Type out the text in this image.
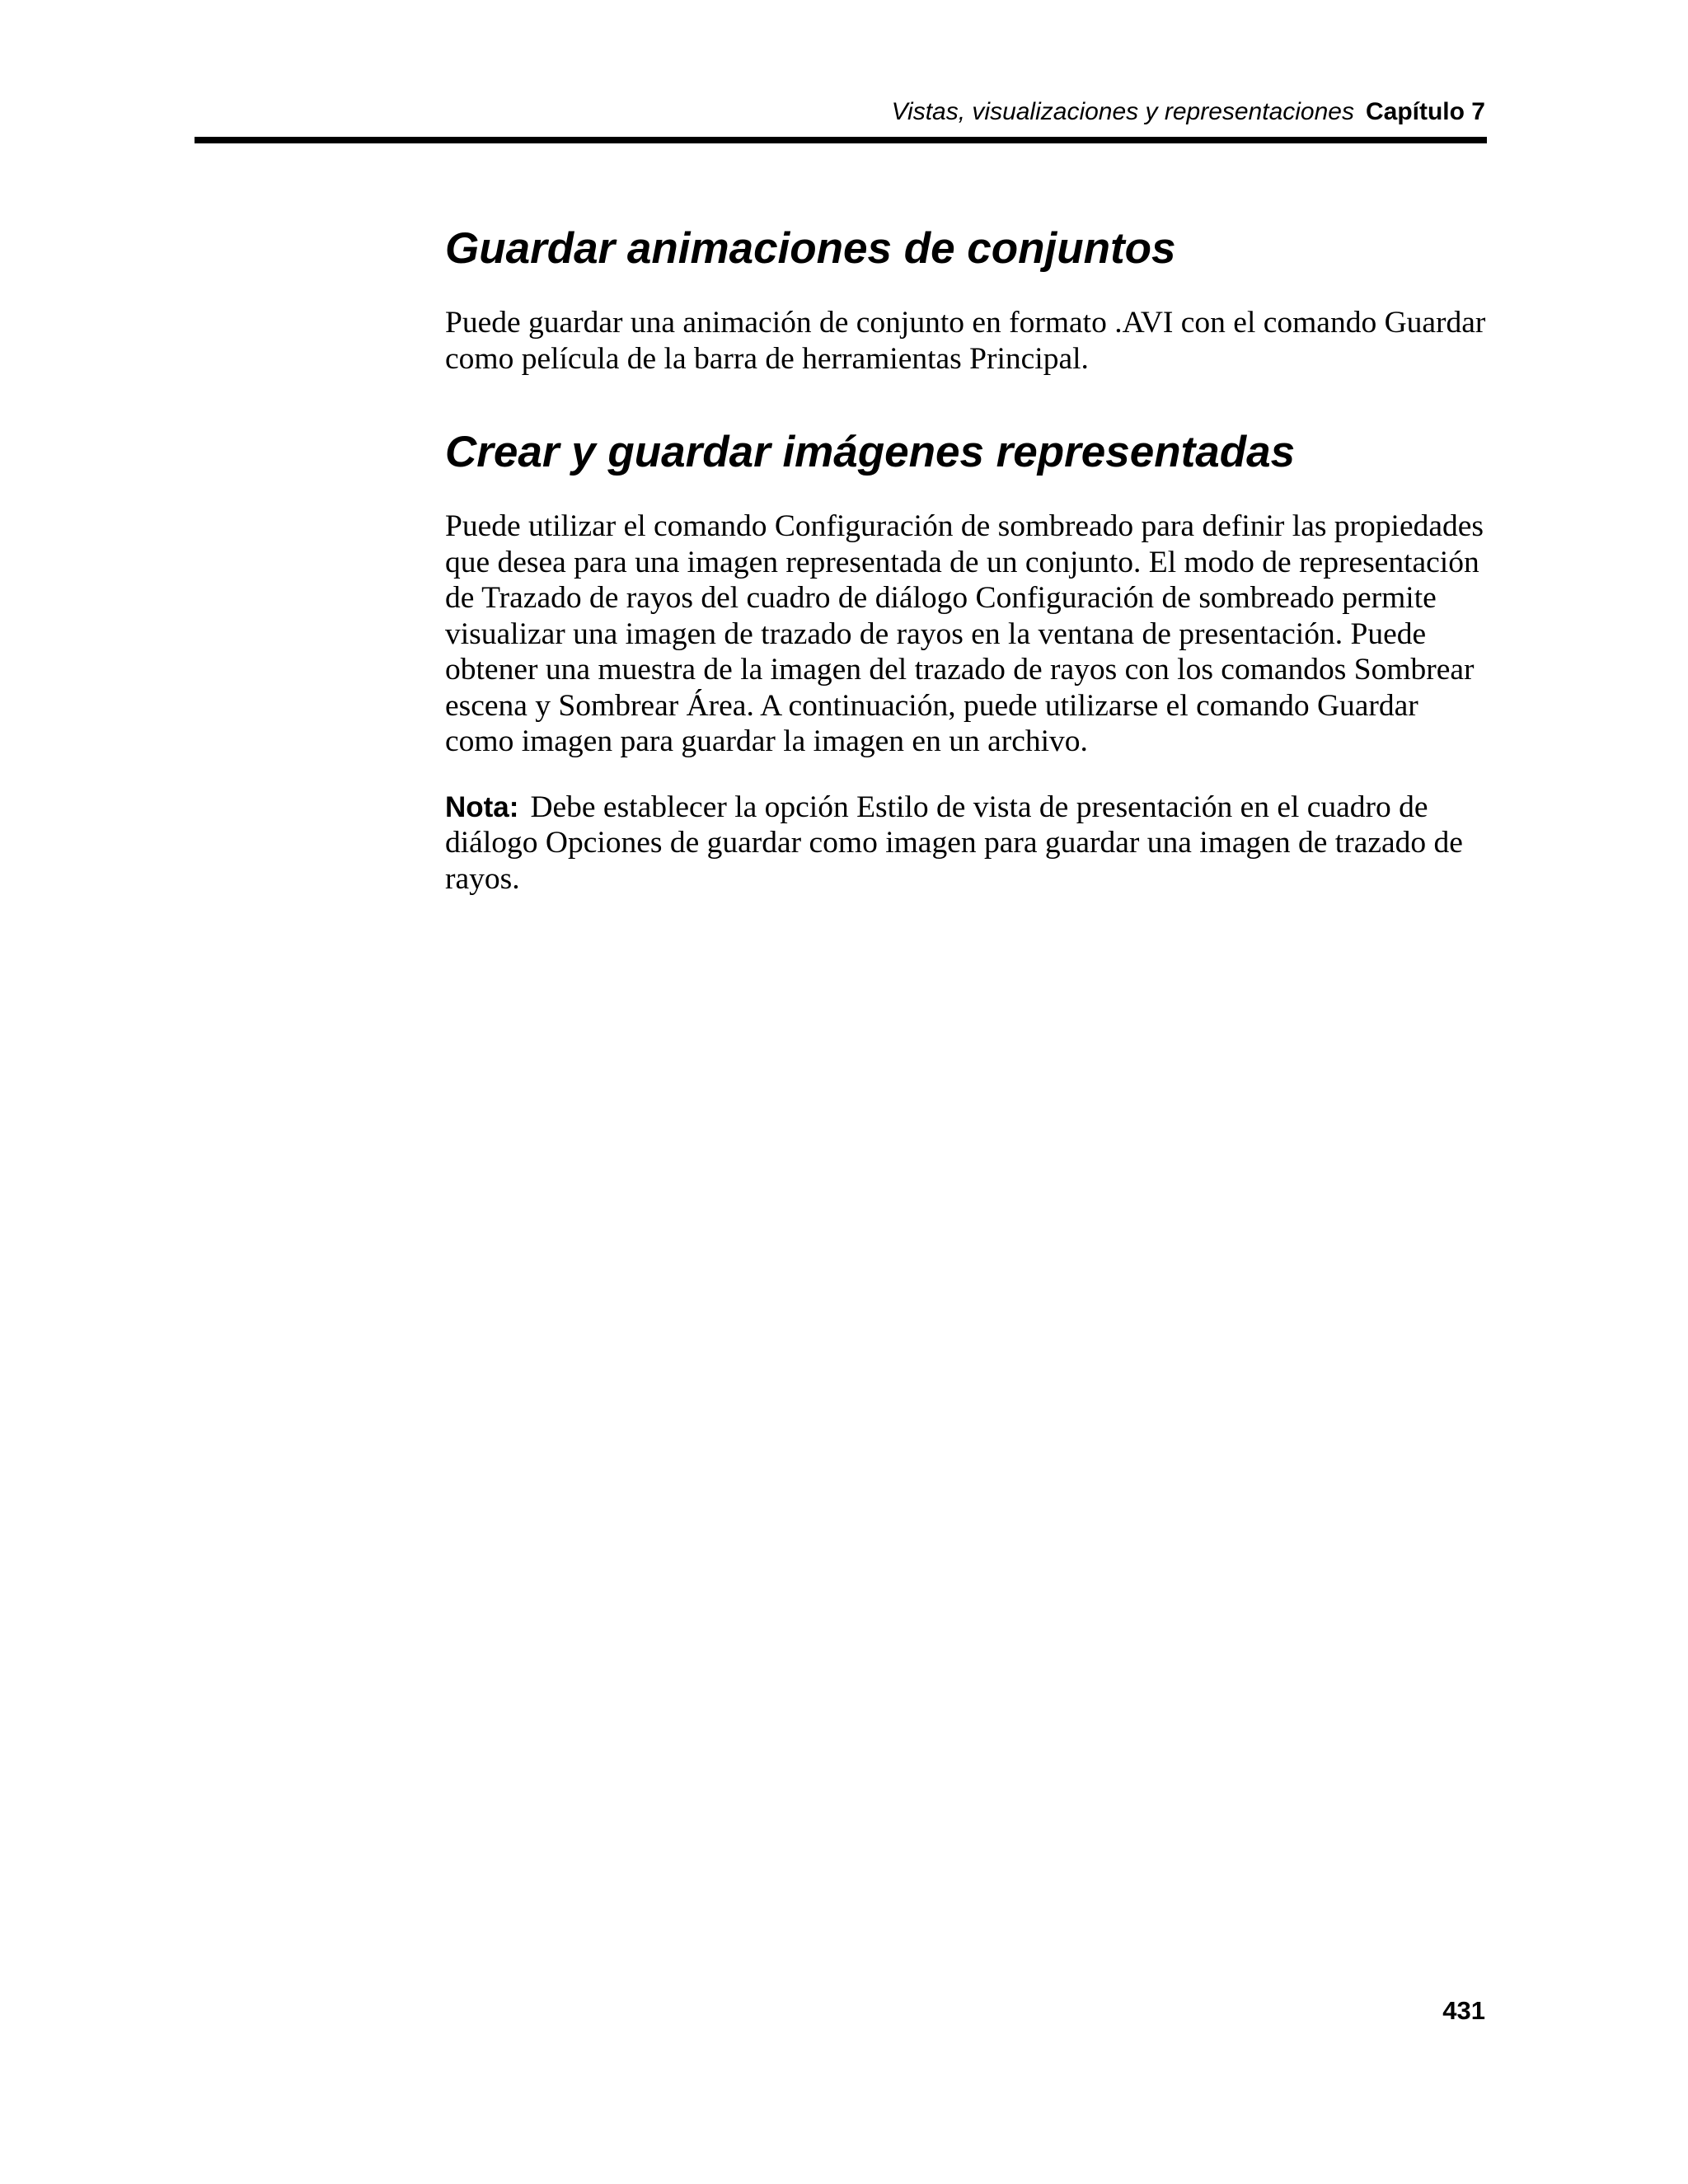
Vistas, visualizaciones y representaciones Capítulo 7
Guardar animaciones de conjuntos

Puede guardar una animación de conjunto en formato .AVI con el comando Guardar como película de la barra de herramientas Principal.

Crear y guardar imágenes representadas

Puede utilizar el comando Configuración de sombreado para definir las propiedades que desea para una imagen representada de un conjunto. El modo de representación de Trazado de rayos del cuadro de diálogo Configuración de sombreado permite visualizar una imagen de trazado de rayos en la ventana de presentación. Puede obtener una muestra de la imagen del trazado de rayos con los comandos Sombrear escena y Sombrear Área. A continuación, puede utilizarse el comando Guardar como imagen para guardar la imagen en un archivo.

Nota: Debe establecer la opción Estilo de vista de presentación en el cuadro de diálogo Opciones de guardar como imagen para guardar una imagen de trazado de rayos.

431
